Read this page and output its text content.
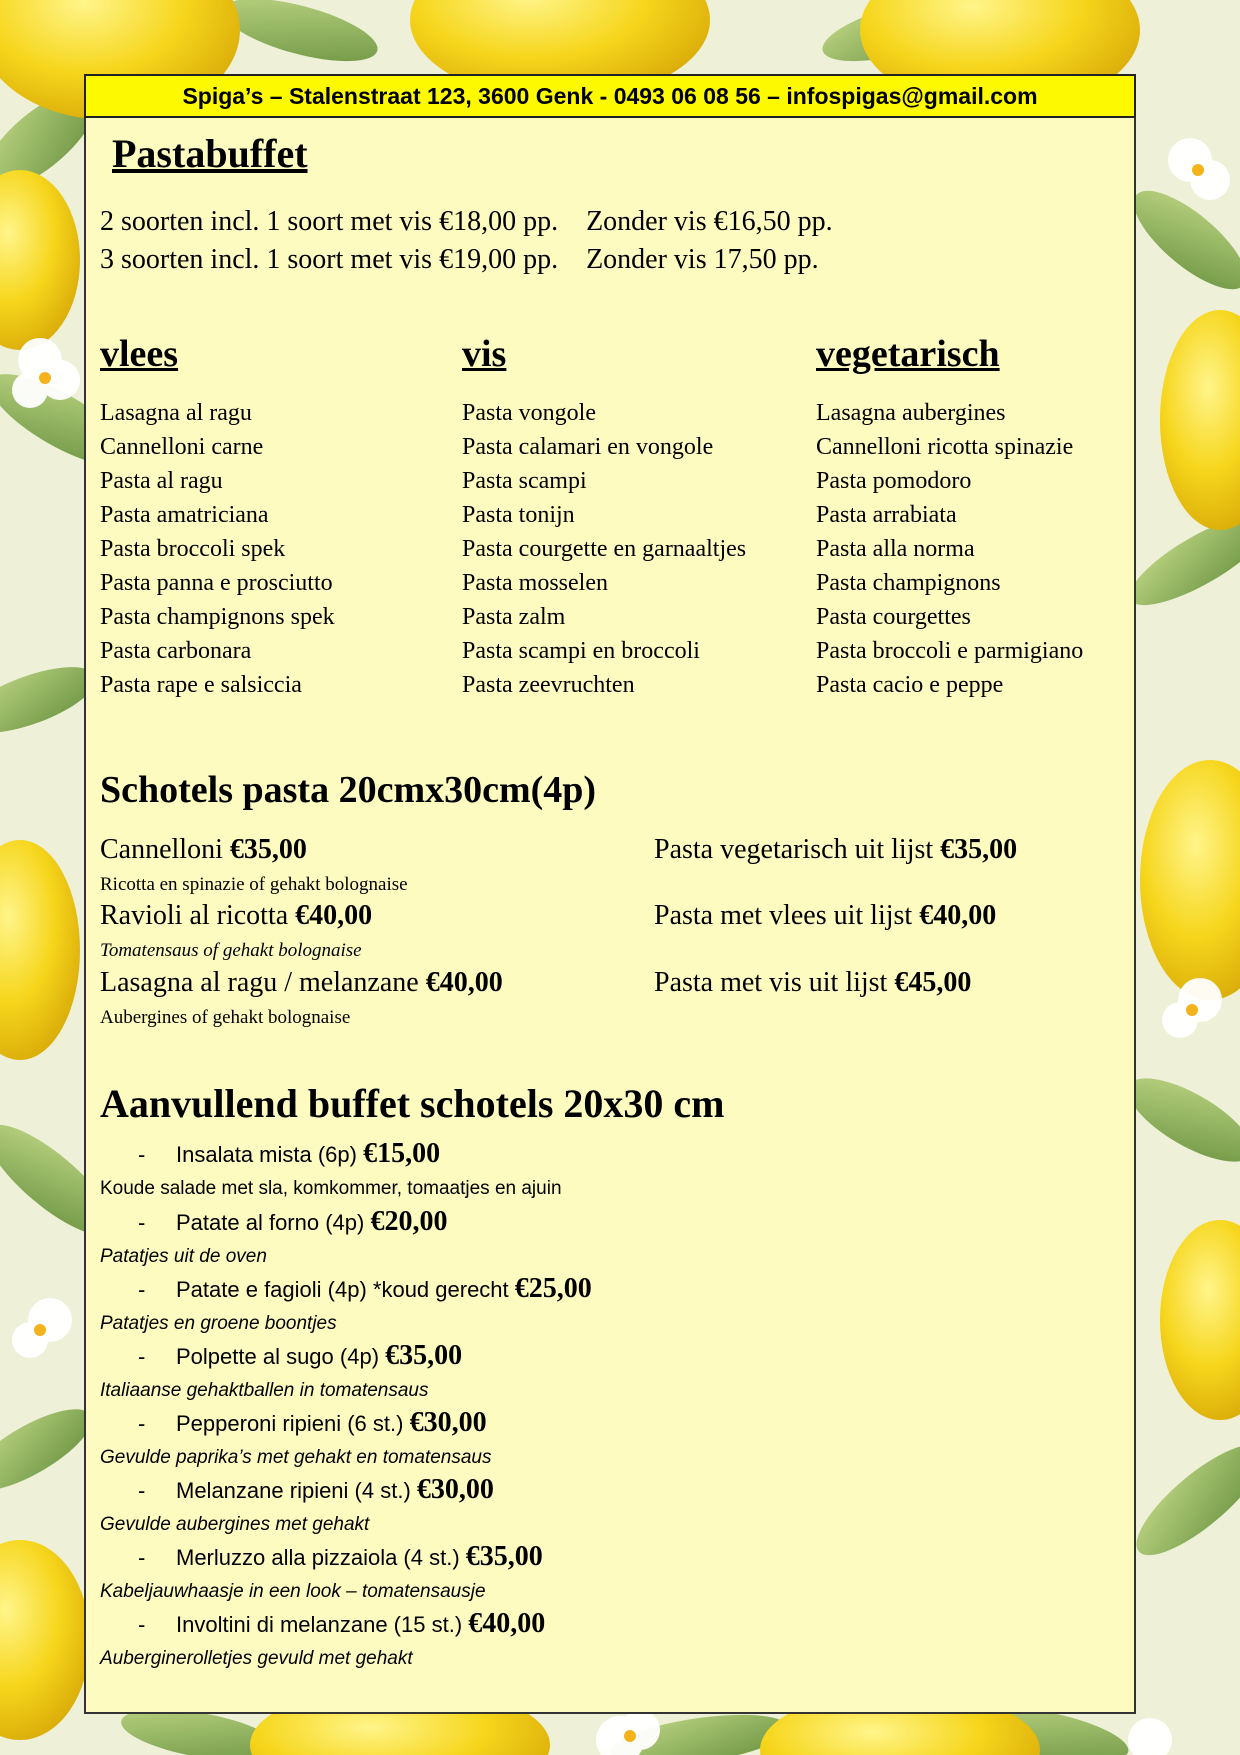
Spiga’s – Stalenstraat 123, 3600 Genk - 0493 06 08 56 – infospigas@gmail.com
Pastabuffet
2 soorten incl. 1 soort met vis €18,00 pp. Zonder vis €16,50 pp.
3 soorten incl. 1 soort met vis €19,00 pp. Zonder vis 17,50 pp.
vlees	vis	vegetarisch
Lasagna al ragu
Cannelloni carne
Pasta al ragu
Pasta amatriciana
Pasta broccoli spek
Pasta panna e prosciutto
Pasta champignons spek
Pasta carbonara
Pasta rape e salsiccia
Pasta vongole
Pasta calamari en vongole
Pasta scampi
Pasta tonijn
Pasta courgette en garnaaltjes
Pasta mosselen
Pasta zalm
Pasta scampi en broccoli
Pasta zeevruchten
Lasagna aubergines
Cannelloni ricotta spinazie
Pasta pomodoro
Pasta arrabiata
Pasta alla norma
Pasta champignons
Pasta courgettes
Pasta broccoli e parmigiano
Pasta cacio e peppe
Schotels pasta 20cmx30cm(4p)
Cannelloni €35,00
Ricotta en spinazie of gehakt bolognaise
Ravioli al ricotta €40,00
Tomatensaus of gehakt bolognaise
Lasagna al ragu / melanzane €40,00
Aubergines of gehakt bolognaise
Pasta vegetarisch uit lijst €35,00
Pasta met vlees uit lijst €40,00
Pasta met vis uit lijst €45,00
Aanvullend buffet schotels 20x30 cm
- Insalata mista (6p) €15,00
Koude salade met sla, komkommer, tomaatjes en ajuin
- Patate al forno (4p) €20,00
Patatjes uit de oven
- Patate e fagioli (4p) *koud gerecht €25,00
Patatjes en groene boontjes
- Polpette al sugo (4p) €35,00
Italiaanse gehaktballen in tomatensaus
- Pepperoni ripieni (6 st.) €30,00
Gevulde paprika’s met gehakt en tomatensaus
- Melanzane ripieni (4 st.) €30,00
Gevulde aubergines met gehakt
- Merluzzo alla pizzaiola (4 st.) €35,00
Kabeljauwhaasje in een look – tomatensausje
- Involtini di melanzane (15 st.) €40,00
Auberginerolletjes gevuld met gehakt
